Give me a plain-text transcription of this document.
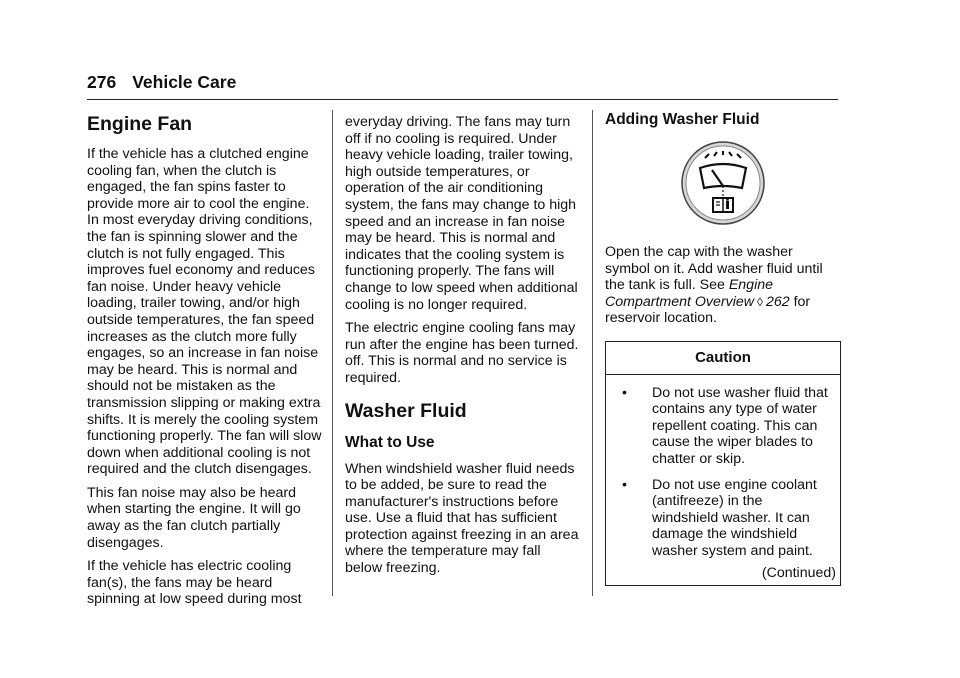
276 Vehicle Care
Engine Fan

If the vehicle has a clutched engine cooling fan, when the clutch is engaged, the fan spins faster to provide more air to cool the engine. In most everyday driving conditions, the fan is spinning slower and the clutch is not fully engaged. This improves fuel economy and reduces fan noise. Under heavy vehicle loading, trailer towing, and/or high outside temperatures, the fan speed increases as the clutch more fully engages, so an increase in fan noise may be heard. This is normal and should not be mistaken as the transmission slipping or making extra shifts. It is merely the cooling system functioning properly. The fan will slow down when additional cooling is not required and the clutch disengages.

This fan noise may also be heard when starting the engine. It will go away as the fan clutch partially disengages.

If the vehicle has electric cooling fan(s), the fans may be heard spinning at low speed during most

everyday driving. The fans may turn off if no cooling is required. Under heavy vehicle loading, trailer towing, high outside temperatures, or operation of the air conditioning system, the fans may change to high speed and an increase in fan noise may be heard. This is normal and indicates that the cooling system is functioning properly. The fans will change to low speed when additional cooling is no longer required.

The electric engine cooling fans may run after the engine has been turned. off. This is normal and no service is required.

Washer Fluid
What to Use

When windshield washer fluid needs to be added, be sure to read the manufacturer's instructions before use. Use a fluid that has sufficient protection against freezing in an area where the temperature may fall below freezing.

Adding Washer Fluid

Open the cap with the washer symbol on it. Add washer fluid until the tank is full. See Engine Compartment Overview ◊ 262 for reservoir location.

Caution
•	Do not use washer fluid that contains any type of water repellent coating. This can cause the wiper blades to chatter or skip.
•	Do not use engine coolant (antifreeze) in the windshield washer. It can damage the windshield washer system and paint.
(Continued)
